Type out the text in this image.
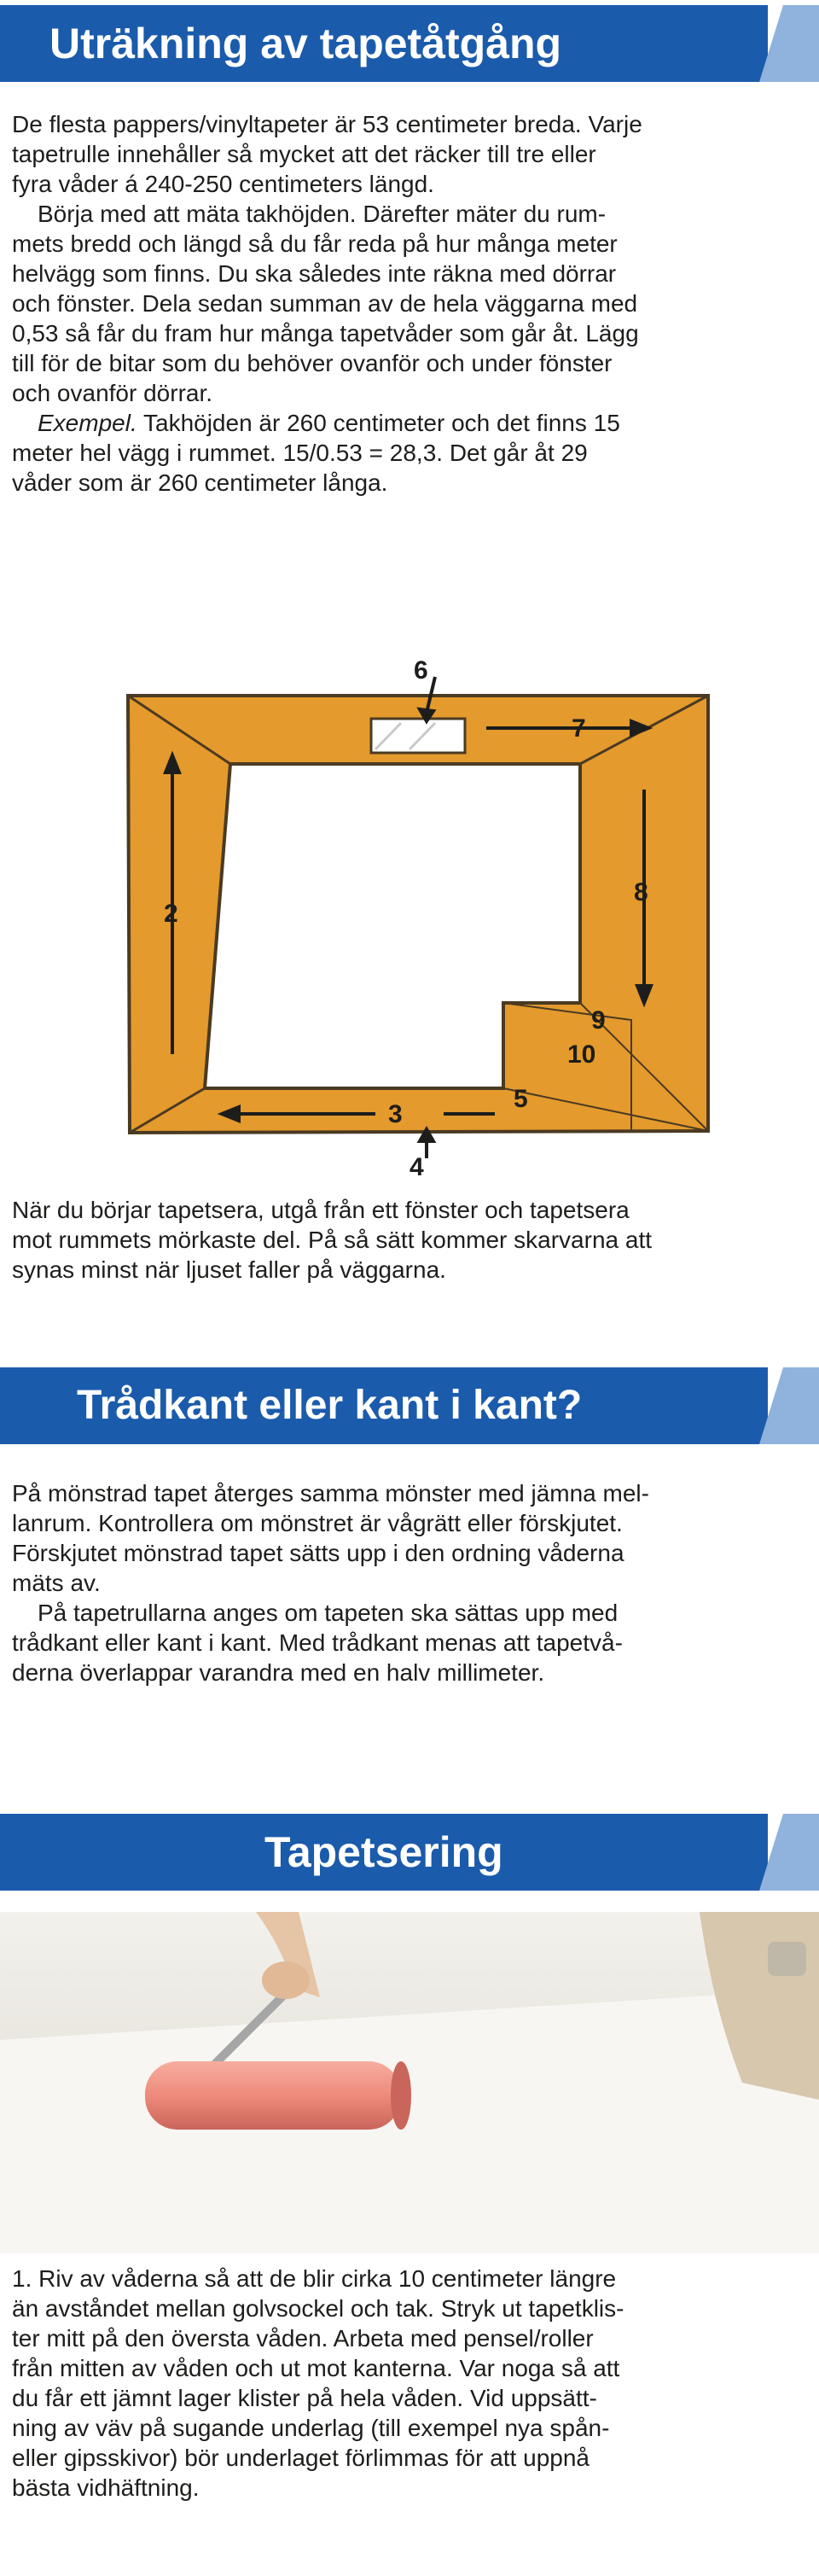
Uträkning av tapetåtgång

De flesta pappers/vinyltapeter är 53 centimeter breda. Varje
tapetrulle innehåller så mycket att det räcker till tre eller
fyra våder á 240-250 centimeters längd.

Börja med att mäta takhöjden. Därefter mäter du rum-
mets bredd och längd så du får reda på hur många meter
helvägg som finns. Du ska således inte räkna med dörrar
och fönster. Dela sedan summan av de hela väggarna med
0,53 så får du fram hur många tapetvåder som går åt. Lägg
till för de bitar som du behöver ovanför och under fönster
och ovanför dörrar.

Exempel. Takhöjden är 260 centimeter och det finns 15
meter hel vägg i rummet. 15/0.53 = 28,3. Det går åt 29
våder som är 260 centimeter långa.

2
3
4
5
6
7
8
9
10

När du börjar tapetsera, utgå från ett fönster och tapetsera
mot rummets mörkaste del. På så sätt kommer skarvarna att
synas minst när ljuset faller på väggarna.

Trådkant eller kant i kant?

På mönstrad tapet återges samma mönster med jämna mel-
lanrum. Kontrollera om mönstret är vågrätt eller förskjutet.
Förskjutet mönstrad tapet sätts upp i den ordning våderna
mäts av.

På tapetrullarna anges om tapeten ska sättas upp med
trådkant eller kant i kant. Med trådkant menas att tapetvå-
derna överlappar varandra med en halv millimeter.

Tapetsering

1. Riv av våderna så att de blir cirka 10 centimeter längre
än avståndet mellan golvsockel och tak. Stryk ut tapetklis-
ter mitt på den översta våden. Arbeta med pensel/roller
från mitten av våden och ut mot kanterna. Var noga så att
du får ett jämnt lager klister på hela våden. Vid uppsätt-
ning av väv på sugande underlag (till exempel nya spån-
eller gipsskivor) bör underlaget förlimmas för att uppnå
bästa vidhäftning.
